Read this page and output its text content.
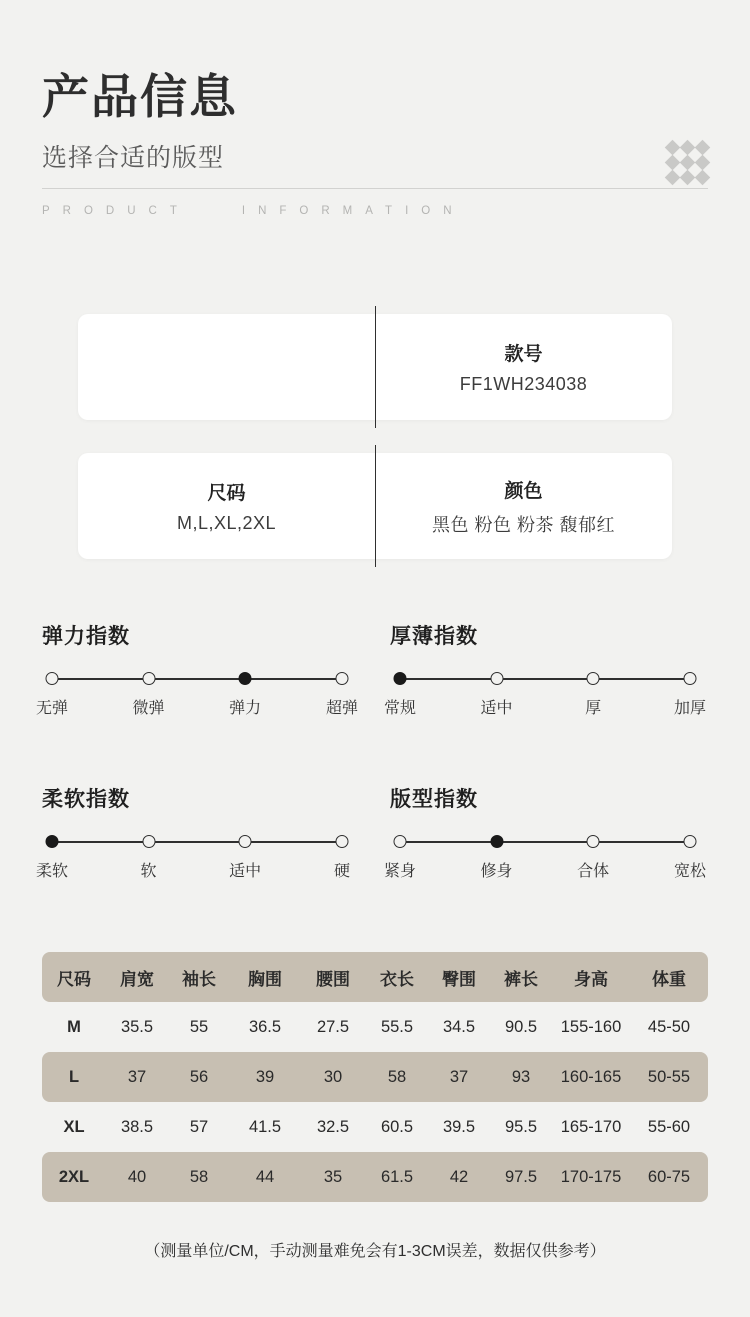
产品信息
选择合适的版型
PRODUCT	INFORMATION
款号
FF1WH234038
尺码
M,L,XL,2XL
颜色
黑色 粉色 粉茶 馥郁红
弹力指数
无弹	微弹	弹力	超弹
厚薄指数
常规	适中	厚	加厚
柔软指数
柔软	软	适中	硬
版型指数
紧身	修身	合体	宽松
尺码	肩宽	袖长	胸围	腰围	衣长	臀围	裤长	身高	体重
M	35.5	55	36.5	27.5	55.5	34.5	90.5	155-160	45-50
L	37	56	39	30	58	37	93	160-165	50-55
XL	38.5	57	41.5	32.5	60.5	39.5	95.5	165-170	55-60
2XL	40	58	44	35	61.5	42	97.5	170-175	60-75
（测量单位/CM，手动测量难免会有1-3CM误差，数据仅供参考）
